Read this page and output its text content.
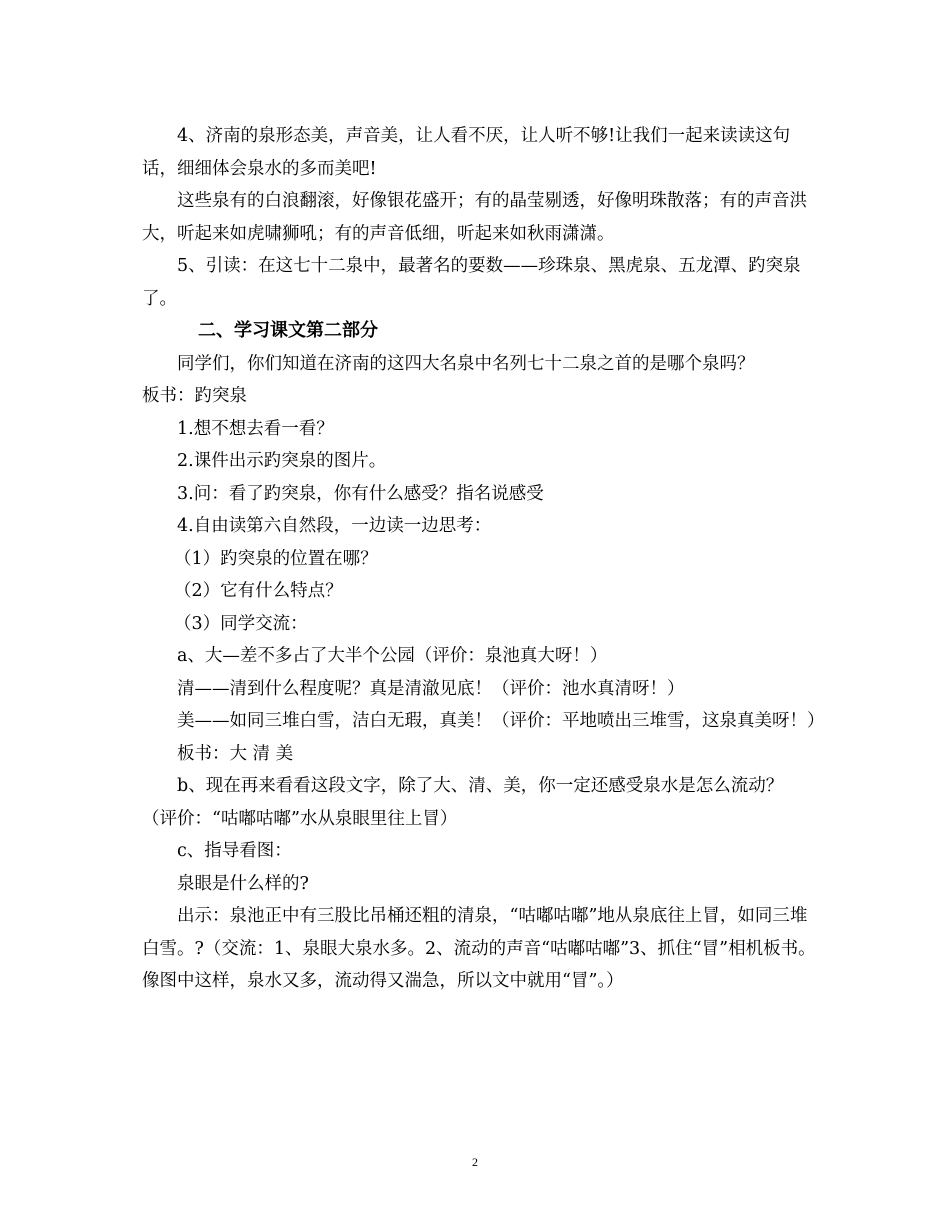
4、济南的泉形态美，声音美，让人看不厌，让人听不够!让我们一起来读读这句话，细细体会泉水的多而美吧!

这些泉有的白浪翻滚，好像银花盛开；有的晶莹剔透，好像明珠散落；有的声音洪大，听起来如虎啸狮吼；有的声音低细，听起来如秋雨潇潇。

5、引读：在这七十二泉中，最著名的要数——珍珠泉、黑虎泉、五龙潭、趵突泉了。

二、学习课文第二部分

同学们，你们知道在济南的这四大名泉中名列七十二泉之首的是哪个泉吗？

板书：趵突泉

1.想不想去看一看？

2.课件出示趵突泉的图片。

3.问：看了趵突泉，你有什么感受？指名说感受

4.自由读第六自然段，一边读一边思考：

（1）趵突泉的位置在哪？

（2）它有什么特点？

（3）同学交流：

a、大—差不多占了大半个公园（评价：泉池真大呀！）

清——清到什么程度呢？真是清澈见底！（评价：池水真清呀！）

美——如同三堆白雪，洁白无瑕，真美！（评价：平地喷出三堆雪，这泉真美呀！）

板书：大 清 美

b、现在再来看看这段文字，除了大、清、美，你一定还感受泉水是怎么流动？（评价：“咕嘟咕嘟”水从泉眼里往上冒）

c、指导看图：

泉眼是什么样的?

出示：泉池正中有三股比吊桶还粗的清泉，“咕嘟咕嘟”地从泉底往上冒，如同三堆白雪。?（交流：1、泉眼大泉水多。2、流动的声音“咕嘟咕嘟”3、抓住“冒”相机板书。像图中这样，泉水又多，流动得又湍急，所以文中就用“冒”。）

2
